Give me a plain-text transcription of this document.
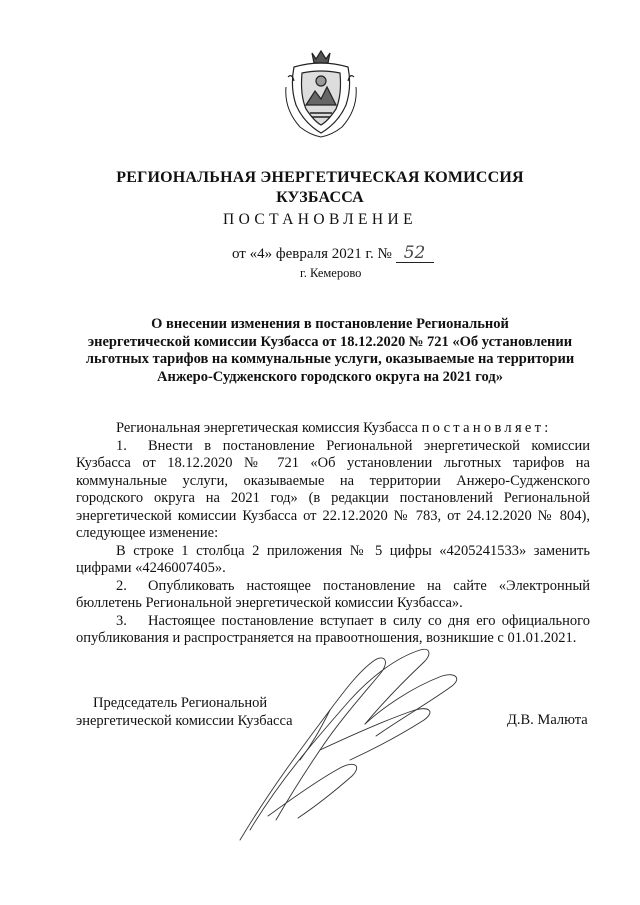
РЕГИОНАЛЬНАЯ ЭНЕРГЕТИЧЕСКАЯ КОМИССИЯ
КУЗБАССА
ПОСТАНОВЛЕНИЕ
от «4» февраля 2021 г. № 52
г. Кемерово
О внесении изменения в постановление Региональной
энергетической комиссии Кузбасса от 18.12.2020 № 721 «Об установлении
льготных тарифов на коммунальные услуги, оказываемые на территории
Анжеро-Судженского городского округа на 2021 год»

Региональная энергетическая комиссия Кузбасса постановляет:

1. Внести в постановление Региональной энергетической комиссии Кузбасса от 18.12.2020 № 721 «Об установлении льготных тарифов на коммунальные услуги, оказываемые на территории Анжеро-Судженского городского округа на 2021 год» (в редакции постановлений Региональной энергетической комиссии Кузбасса от 22.12.2020 № 783, от 24.12.2020 № 804), следующее изменение:

В строке 1 столбца 2 приложения № 5 цифры «4205241533» заменить цифрами «4246007405».

2. Опубликовать настоящее постановление на сайте «Электронный бюллетень Региональной энергетической комиссии Кузбасса».

3. Настоящее постановление вступает в силу со дня его официального опубликования и распространяется на правоотношения, возникшие с 01.01.2021.

Председатель Региональной
энергетической комиссии Кузбасса	Д.В. Малюта
